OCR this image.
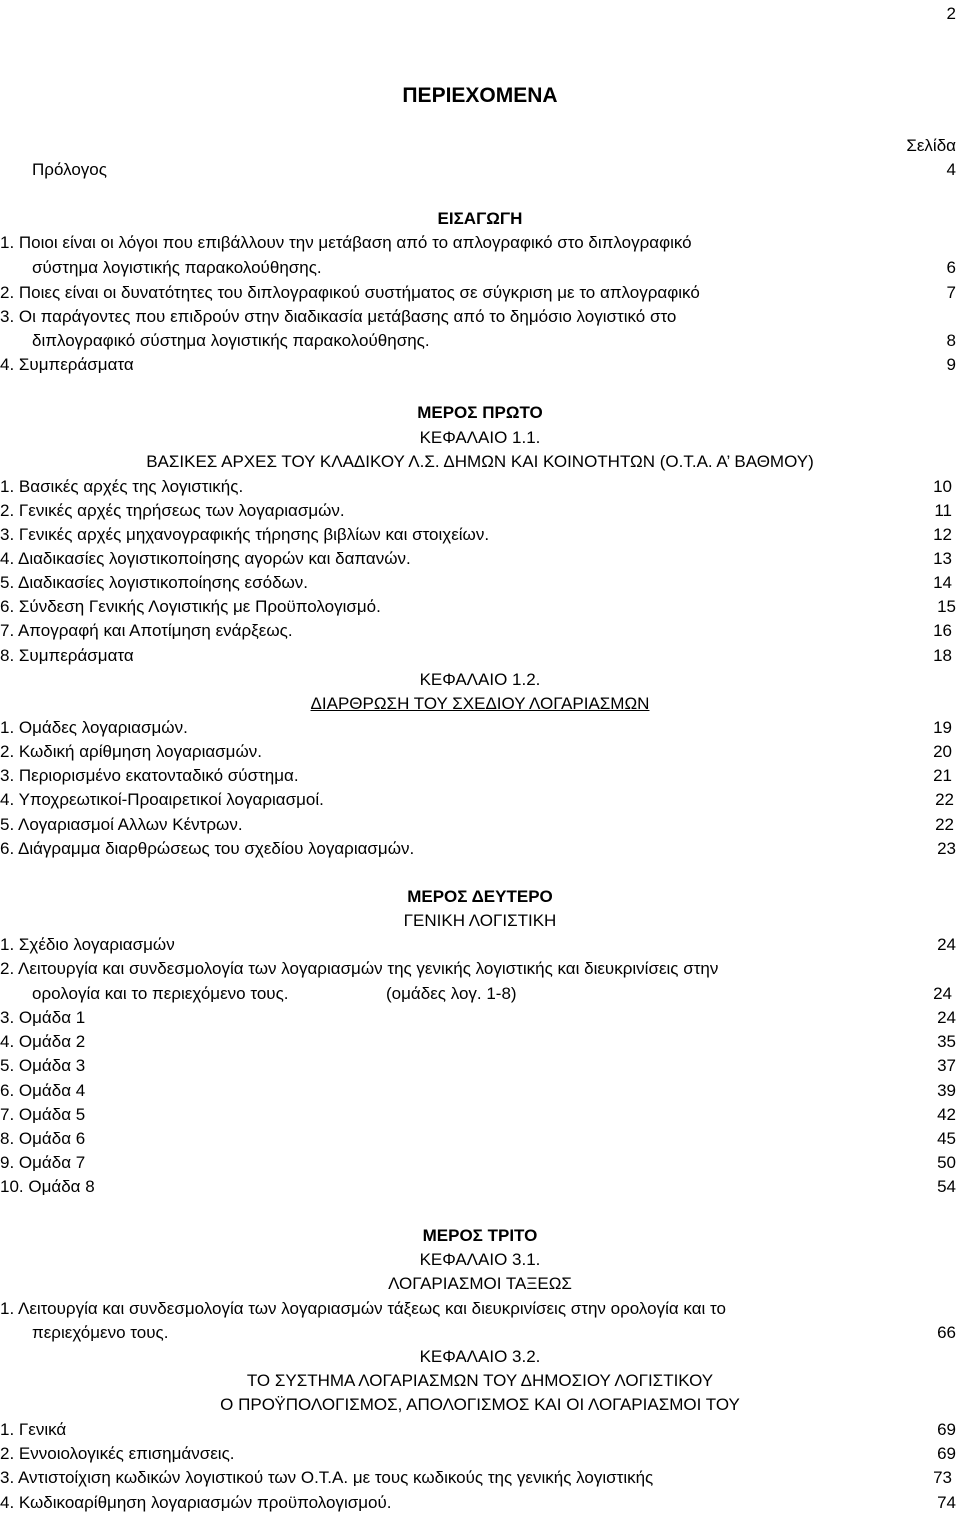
2
ΠΕΡΙΕΧΟΜΕΝΑ
Σελίδα
Πρόλογος	4
ΕΙΣΑΓΩΓΗ
1. Ποιοι είναι οι λόγοι που επιβάλλουν την μετάβαση από το απλογραφικό στο διπλογραφικό
σύστημα λογιστικής παρακολούθησης.	6
2. Ποιες είναι οι δυνατότητες του διπλογραφικού συστήματος σε σύγκριση με το απλογραφικό	7
3. Οι παράγοντες που επιδρούν στην διαδικασία μετάβασης από το δημόσιο λογιστικό στο
διπλογραφικό σύστημα λογιστικής παρακολούθησης.	8
4. Συμπεράσματα	9
ΜΕΡΟΣ ΠΡΩΤΟ
ΚΕΦΑΛΑΙΟ 1.1.
ΒΑΣΙΚΕΣ ΑΡΧΕΣ ΤΟΥ ΚΛΑΔΙΚΟΥ Λ.Σ. ΔΗΜΩΝ ΚΑΙ ΚΟΙΝΟΤΗΤΩΝ (Ο.Τ.Α. Α’ ΒΑΘΜΟΥ)
1. Βασικές αρχές της λογιστικής.	10
2. Γενικές αρχές τηρήσεως των λογαριασμών.	11
3. Γενικές αρχές μηχανογραφικής τήρησης βιβλίων και στοιχείων.	12
4. Διαδικασίες λογιστικοποίησης αγορών και δαπανών.	13
5. Διαδικασίες λογιστικοποίησης εσόδων.	14
6. Σύνδεση Γενικής Λογιστικής με Προϋπολογισμό.	15
7. Απογραφή και Αποτίμηση ενάρξεως.	16
8. Συμπεράσματα	18
ΚΕΦΑΛΑΙΟ 1.2.
ΔΙΑΡΘΡΩΣΗ ΤΟΥ ΣΧΕΔΙΟΥ ΛΟΓΑΡΙΑΣΜΩΝ
1. Ομάδες λογαριασμών.	19
2. Κωδική αρίθμηση λογαριασμών.	20
3. Περιορισμένο εκατονταδικό σύστημα.	21
4. Υποχρεωτικοί-Προαιρετικοί λογαριασμοί.	22
5. Λογαριασμοί Αλλων Κέντρων.	22
6. Διάγραμμα διαρθρώσεως του σχεδίου λογαριασμών.	23
ΜΕΡΟΣ ΔΕΥΤΕΡΟ
ΓΕΝΙΚΗ ΛΟΓΙΣΤΙΚΗ
1. Σχέδιο λογαριασμών	24
2. Λειτουργία και συνδεσμολογία των λογαριασμών της γενικής λογιστικής και διευκρινίσεις στην
ορολογία και το περιεχόμενο τους.	(ομάδες λογ. 1-8)	24
3. Ομάδα 1	24
4. Ομάδα 2	35
5. Ομάδα 3	37
6. Ομάδα 4	39
7. Ομάδα 5	42
8. Ομάδα 6	45
9. Ομάδα 7	50
10. Ομάδα 8	54
ΜΕΡΟΣ ΤΡΙΤΟ
ΚΕΦΑΛΑΙΟ 3.1.
ΛΟΓΑΡΙΑΣΜΟΙ ΤΑΞΕΩΣ
1. Λειτουργία και συνδεσμολογία των λογαριασμών τάξεως και διευκρινίσεις στην ορολογία και το
περιεχόμενο τους.	66
ΚΕΦΑΛΑΙΟ 3.2.
ΤΟ ΣΥΣΤΗΜΑ ΛΟΓΑΡΙΑΣΜΩΝ ΤΟΥ ΔΗΜΟΣΙΟΥ ΛΟΓΙΣΤΙΚΟΥ
Ο ΠΡΟΫΠΟΛΟΓΙΣΜΟΣ, ΑΠΟΛΟΓΙΣΜΟΣ ΚΑΙ ΟΙ ΛΟΓΑΡΙΑΣΜΟΙ ΤΟΥ
1. Γενικά	69
2. Εννοιολογικές επισημάνσεις.	69
3. Αντιστοίχιση κωδικών λογιστικού των Ο.Τ.Α. με τους κωδικούς της γενικής λογιστικής	73
4. Κωδικοαρίθμηση λογαριασμών προϋπολογισμού.	74
